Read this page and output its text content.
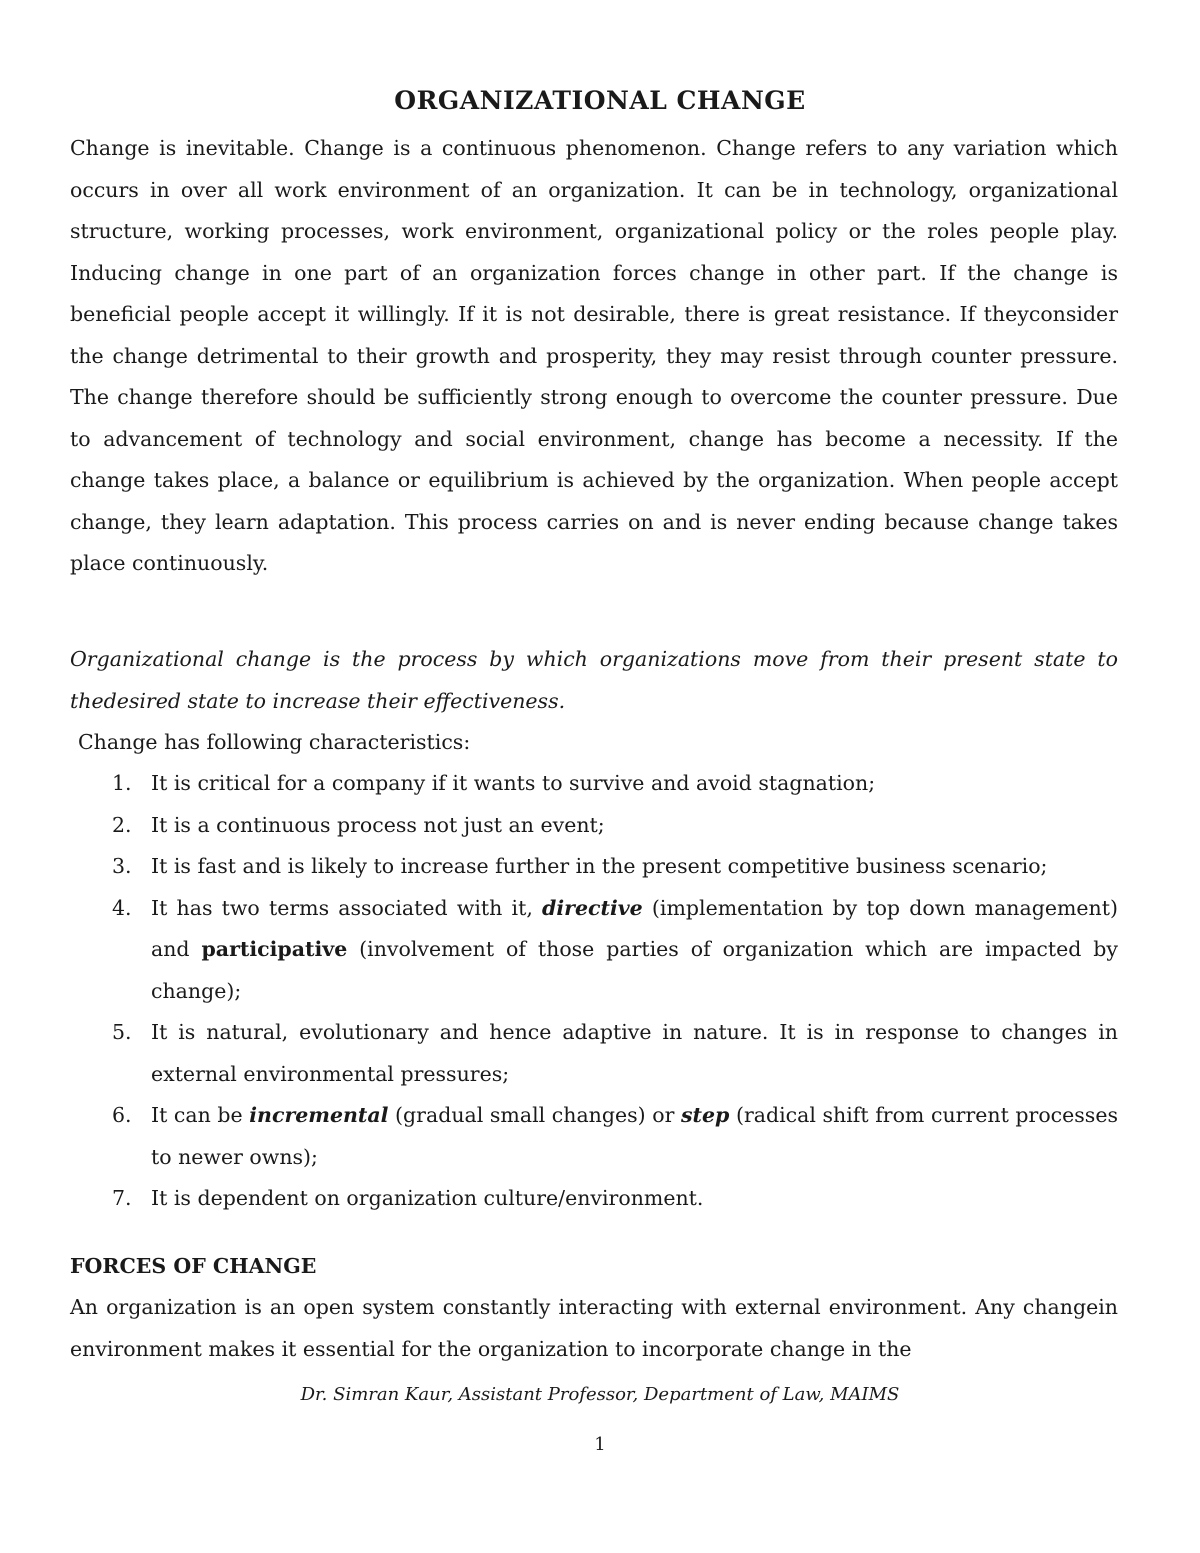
ORGANIZATIONAL CHANGE

Change is inevitable. Change is a continuous phenomenon. Change refers to any variation which occurs in over all work environment of an organization. It can be in technology, organizational structure, working processes, work environment, organizational policy or the roles people play. Inducing change in one part of an organization forces change in other part. If the change is beneficial people accept it willingly. If it is not desirable, there is great resistance. If theyconsider the change detrimental to their growth and prosperity, they may resist through counter pressure. The change therefore should be sufficiently strong enough to overcome the counter pressure. Due to advancement of technology and social environment, change has become a necessity. If the change takes place, a balance or equilibrium is achieved by the organization. When people accept change, they learn adaptation. This process carries on and is never ending because change takes place continuously.

Organizational change is the process by which organizations move from their present state to thedesired state to increase their effectiveness.

Change has following characteristics:
1. It is critical for a company if it wants to survive and avoid stagnation;
2. It is a continuous process not just an event;
3. It is fast and is likely to increase further in the present competitive business scenario;
4. It has two terms associated with it, directive (implementation by top down management) and participative (involvement of those parties of organization which are impacted by change);
5. It is natural, evolutionary and hence adaptive in nature. It is in response to changes in external environmental pressures;
6. It can be incremental (gradual small changes) or step (radical shift from current processes to newer owns);
7. It is dependent on organization culture/environment.
FORCES OF CHANGE

An organization is an open system constantly interacting with external environment. Any changein environment makes it essential for the organization to incorporate change in the

Dr. Simran Kaur, Assistant Professor, Department of Law, MAIMS
1
